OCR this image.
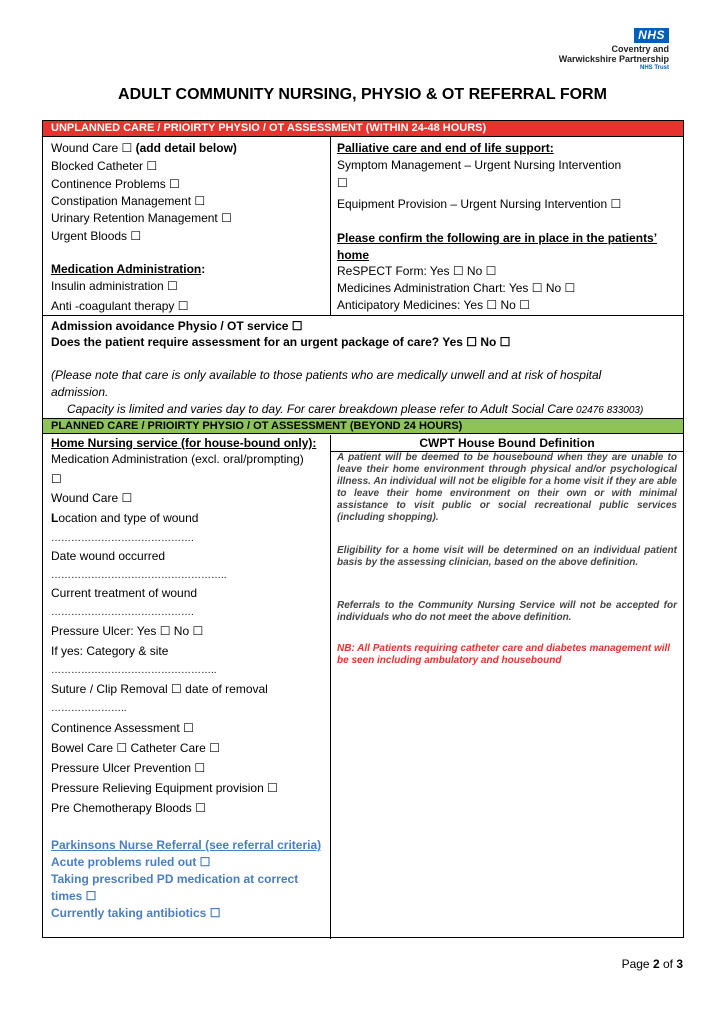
NHS
Coventry and
Warwickshire Partnership
NHS Trust
ADULT COMMUNITY NURSING, PHYSIO & OT REFERRAL FORM
UNPLANNED CARE / PRIOIRTY PHYSIO / OT ASSESSMENT (WITHIN 24-48 HOURS)
Wound Care ☐ (add detail below)
Blocked Catheter ☐
Continence Problems ☐
Constipation Management ☐
Urinary Retention Management ☐
Urgent Bloods ☐
Medication Administration:
Insulin administration ☐
Anti -coagulant therapy ☐
Palliative care and end of life support:
Symptom Management – Urgent Nursing Intervention
☐
Equipment Provision – Urgent Nursing Intervention ☐
Please confirm the following are in place in the patients’
home
ReSPECT Form: Yes ☐ No ☐
Medicines Administration Chart: Yes ☐ No ☐
Anticipatory Medicines: Yes ☐ No ☐
Admission avoidance Physio / OT service ☐
Does the patient require assessment for an urgent package of care? Yes ☐ No ☐
(Please note that care is only available to those patients who are medically unwell and at risk of hospital
admission.
Capacity is limited and varies day to day. For carer breakdown please refer to Adult Social Care 02476 833003)
PLANNED CARE / PRIOIRTY PHYSIO / OT ASSESSMENT (BEYOND 24 HOURS)
Home Nursing service (for house-bound only):
Medication Administration (excl. oral/prompting)
☐
Wound Care ☐
Location and type of wound
…………………………………….
Date wound occurred
……………………………………………..
Current treatment of wound
…………………………………….
Pressure Ulcer: Yes ☐ No ☐
If yes: Category & site
…………………………………………..
Suture / Clip Removal ☐ date of removal
…………………..
Continence Assessment ☐
Bowel Care ☐ Catheter Care ☐
Pressure Ulcer Prevention ☐
Pressure Relieving Equipment provision ☐
Pre Chemotherapy Bloods ☐
Parkinsons Nurse Referral (see referral criteria)
Acute problems ruled out ☐
Taking prescribed PD medication at correct
times ☐
Currently taking antibiotics ☐
CWPT House Bound Definition
A patient will be deemed to be housebound when they are unable to leave their home environment through physical and/or psychological illness. An individual will not be eligible for a home visit if they are able to leave their home environment on their own or with minimal assistance to visit public or social recreational public services (including shopping).
Eligibility for a home visit will be determined on an individual patient basis by the assessing clinician, based on the above definition.
Referrals to the Community Nursing Service will not be accepted for individuals who do not meet the above definition.
NB: All Patients requiring catheter care and diabetes management will be seen including ambulatory and housebound
Page 2 of 3
